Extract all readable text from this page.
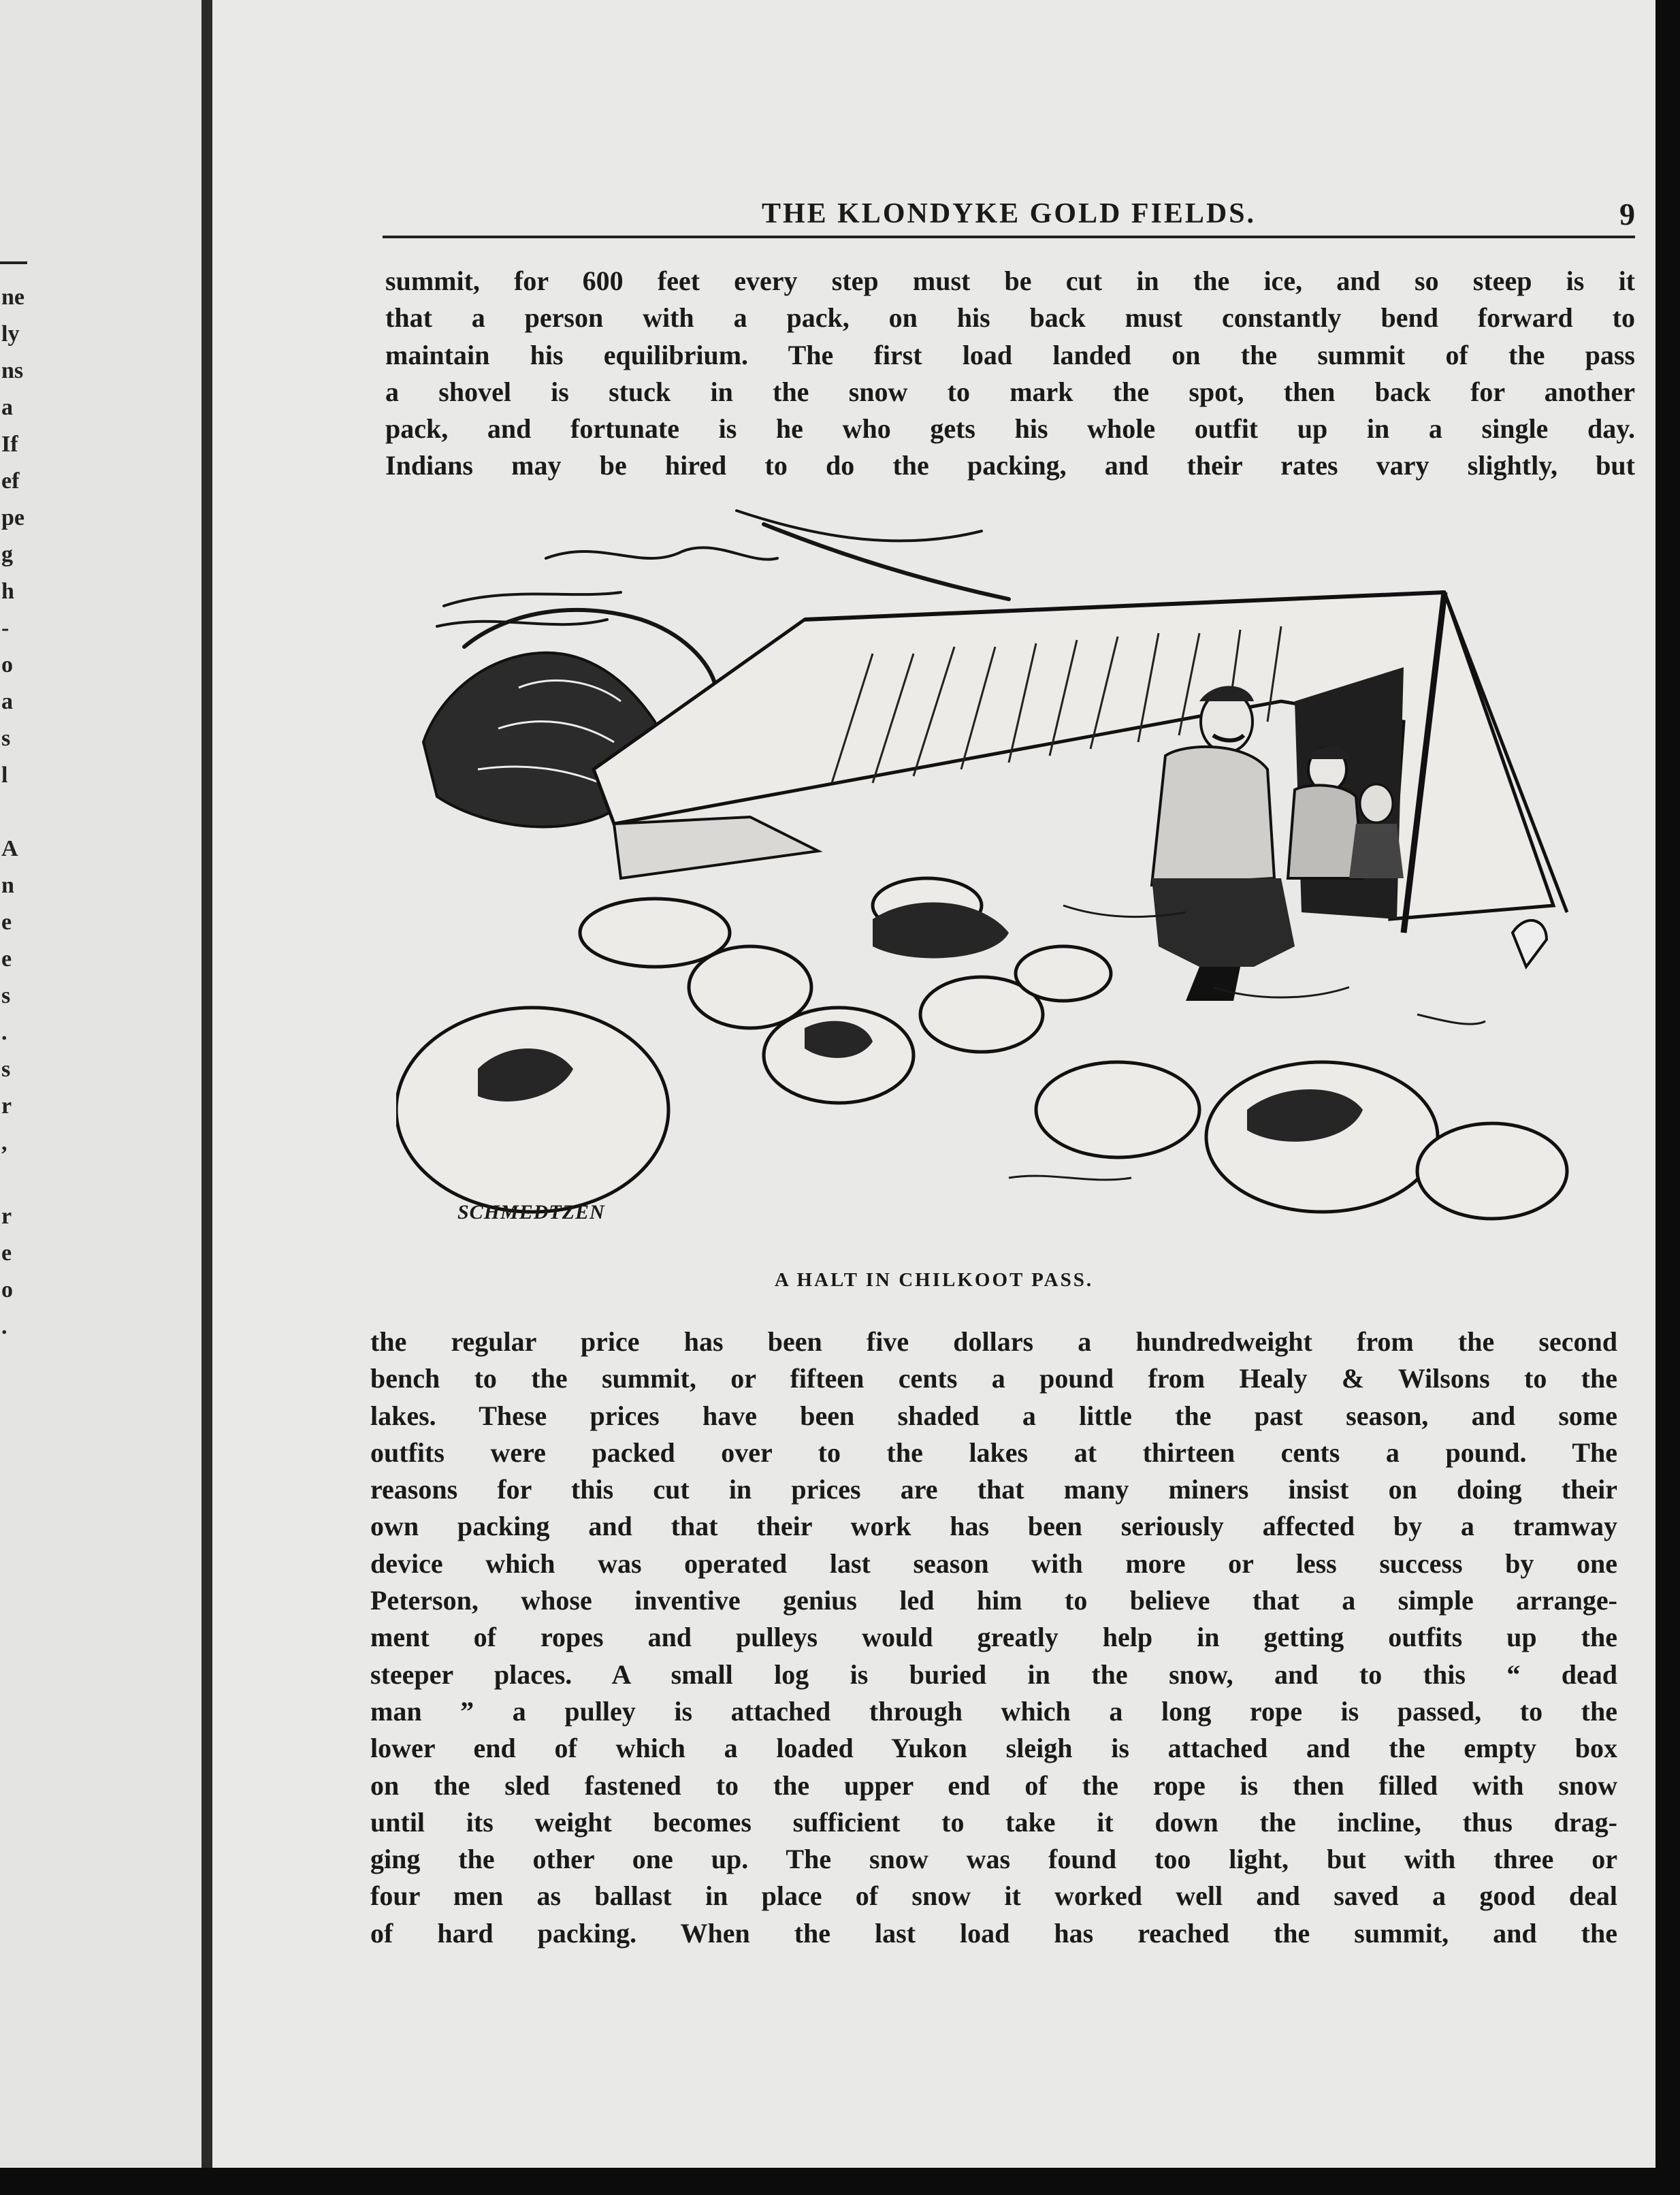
ne
ly
ns
a
If
ef
pe
g
h
-
o
a
s
l
A
n
e
e
s
.
s
r
,
r
e
o
.
THE KLONDYKE GOLD FIELDS.	9
summit, for 600 feet every step must be cut in the ice, and so steep is it
that a person with a pack, on his back must constantly bend forward to
maintain his equilibrium. The first load landed on the summit of the pass
a shovel is stuck in the snow to mark the spot, then back for another
pack, and fortunate is he who gets his whole outfit up in a single day.
Indians may be hired to do the packing, and their rates vary slightly, but
SCHMEDTZEN
A HALT IN CHILKOOT PASS.
the regular price has been five dollars a hundredweight from the second
bench to the summit, or fifteen cents a pound from Healy & Wilsons to the
lakes. These prices have been shaded a little the past season, and some
outfits were packed over to the lakes at thirteen cents a pound. The
reasons for this cut in prices are that many miners insist on doing their
own packing and that their work has been seriously affected by a tramway
device which was operated last season with more or less success by one
Peterson, whose inventive genius led him to believe that a simple arrange-
ment of ropes and pulleys would greatly help in getting outfits up the
steeper places. A small log is buried in the snow, and to this “ dead
man ” a pulley is attached through which a long rope is passed, to the
lower end of which a loaded Yukon sleigh is attached and the empty box
on the sled fastened to the upper end of the rope is then filled with snow
until its weight becomes sufficient to take it down the incline, thus drag-
ging the other one up. The snow was found too light, but with three or
four men as ballast in place of snow it worked well and saved a good deal
of hard packing. When the last load has reached the summit, and the
